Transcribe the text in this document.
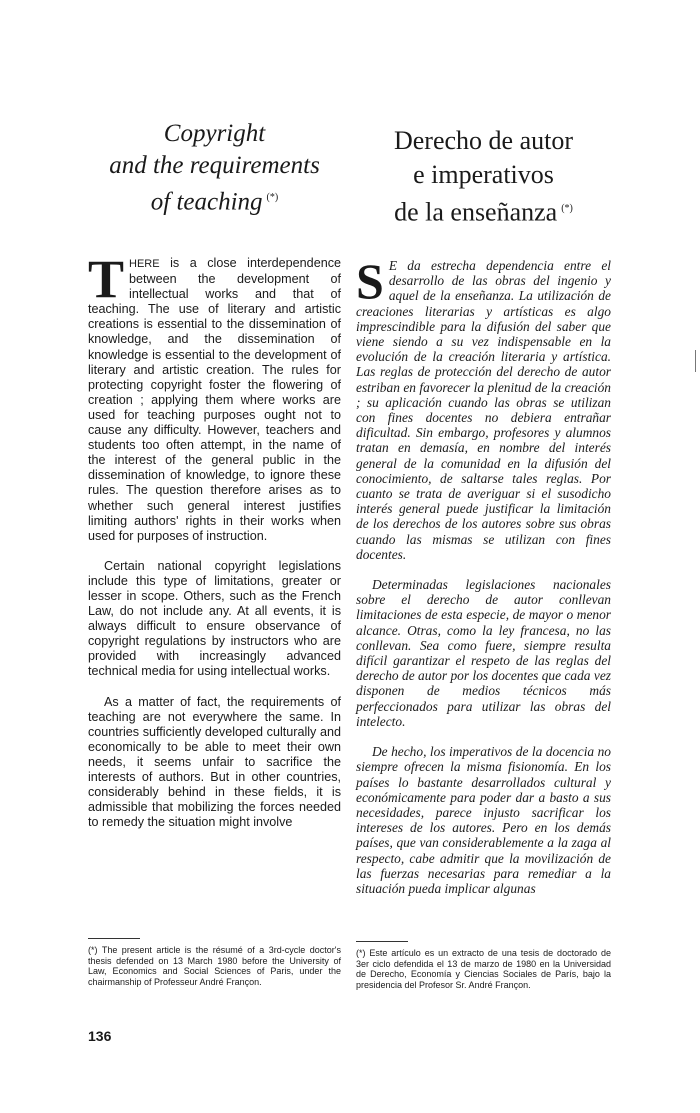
Copyright
and the requirements
of teaching (*)
Derecho de autor
e imperativos
de la enseñanza (*)

THERE is a close interdependence between the development of intellectual works and that of teaching. The use of literary and artistic creations is essential to the dissemination of knowledge, and the dissemination of knowledge is essential to the development of literary and artistic creation. The rules for protecting copyright foster the flowering of creation ; applying them where works are used for teaching purposes ought not to cause any difficulty. However, teachers and students too often attempt, in the name of the interest of the general public in the dissemination of knowledge, to ignore these rules. The question therefore arises as to whether such general interest justifies limiting authors' rights in their works when used for purposes of instruction.

Certain national copyright legislations include this type of limitations, greater or lesser in scope. Others, such as the French Law, do not include any. At all events, it is always difficult to ensure observance of copyright regulations by instructors who are provided with increasingly advanced technical media for using intellectual works.

As a matter of fact, the requirements of teaching are not everywhere the same. In countries sufficiently developed culturally and economically to be able to meet their own needs, it seems unfair to sacrifice the interests of authors. But in other countries, considerably behind in these fields, it is admissible that mobilizing the forces needed to remedy the situation might involve

S E da estrecha dependencia entre el desarrollo de las obras del ingenio y aquel de la enseñanza. La utilización de creaciones literarias y artísticas es algo imprescindible para la difusión del saber que viene siendo a su vez indispensable en la evolución de la creación literaria y artística. Las reglas de protección del derecho de autor estriban en favorecer la plenitud de la creación ; su aplicación cuando las obras se utilizan con fines docentes no debiera entrañar dificultad. Sin embargo, profesores y alumnos tratan en demasía, en nombre del interés general de la comunidad en la difusión del conocimiento, de saltarse tales reglas. Por cuanto se trata de averiguar si el susodicho interés general puede justificar la limitación de los derechos de los autores sobre sus obras cuando las mismas se utilizan con fines docentes.

Determinadas legislaciones nacionales sobre el derecho de autor conllevan limitaciones de esta especie, de mayor o menor alcance. Otras, como la ley francesa, no las conllevan. Sea como fuere, siempre resulta difícil garantizar el respeto de las reglas del derecho de autor por los docentes que cada vez disponen de medios técnicos más perfeccionados para utilizar las obras del intelecto.

De hecho, los imperativos de la docencia no siempre ofrecen la misma fisionomía. En los países lo bastante desarrollados cultural y económicamente para poder dar a basto a sus necesidades, parece injusto sacrificar los intereses de los autores. Pero en los demás países, que van considerablemente a la zaga al respecto, cabe admitir que la movilización de las fuerzas necesarias para remediar a la situación pueda implicar algunas

(*) The present article is the résumé of a 3rd-cycle doctor's thesis defended on 13 March 1980 before the University of Law, Economics and Social Sciences of Paris, under the chairmanship of Professeur André Françon.
(*) Este artículo es un extracto de una tesis de doctorado de 3er ciclo defendida el 13 de marzo de 1980 en la Universidad de Derecho, Economía y Ciencias Sociales de París, bajo la presidencia del Profesor Sr. André Françon.
136
